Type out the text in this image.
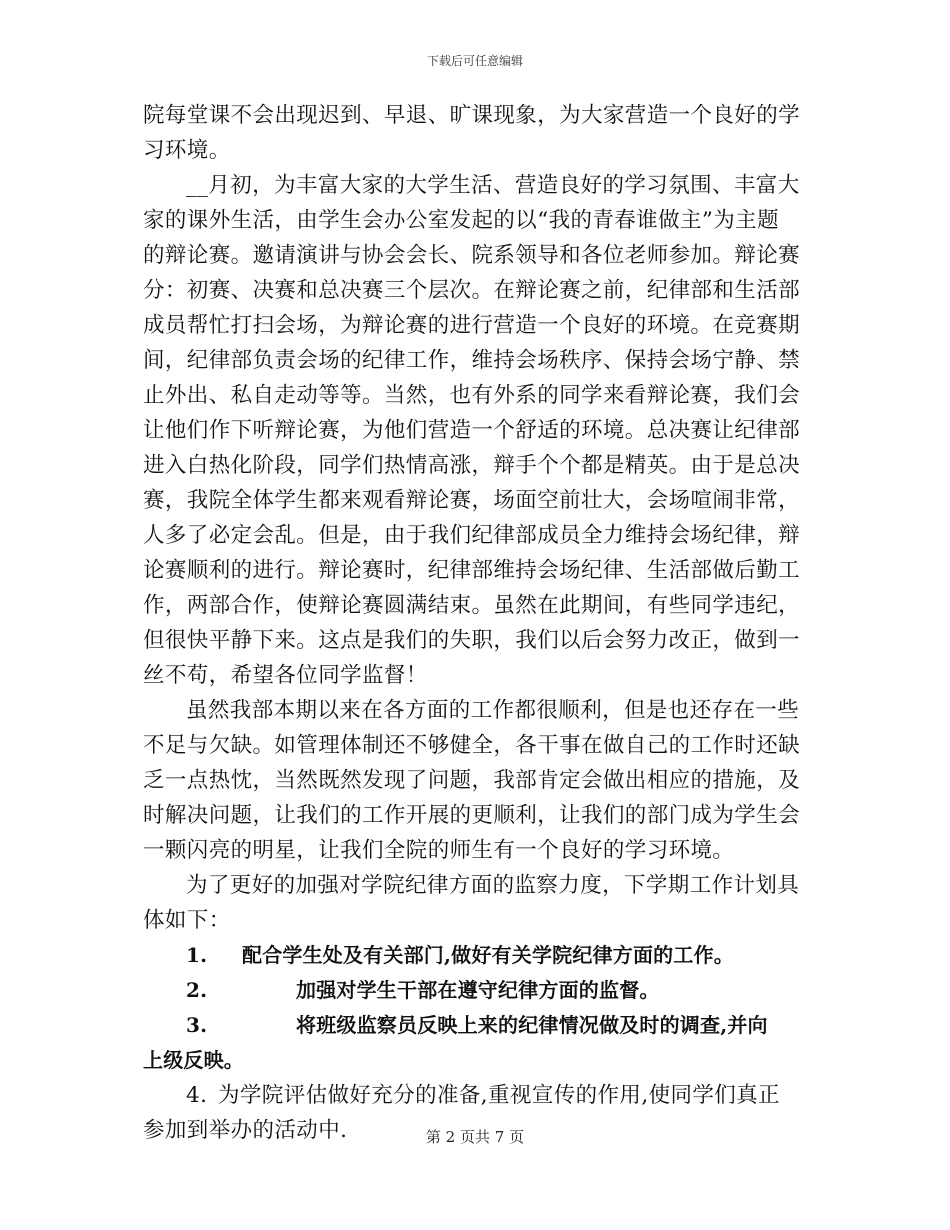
下载后可任意编辑
院每堂课不会出现迟到、早退、旷课现象，为大家营造一个良好的学
习环境。
__月初，为丰富大家的大学生活、营造良好的学习氛围、丰富大
家的课外生活，由学生会办公室发起的以“我的青春谁做主”为主题
的辩论赛。邀请演讲与协会会长、院系领导和各位老师参加。辩论赛
分：初赛、决赛和总决赛三个层次。在辩论赛之前，纪律部和生活部
成员帮忙打扫会场，为辩论赛的进行营造一个良好的环境。在竞赛期
间，纪律部负责会场的纪律工作，维持会场秩序、保持会场宁静、禁
止外出、私自走动等等。当然，也有外系的同学来看辩论赛，我们会
让他们作下听辩论赛，为他们营造一个舒适的环境。总决赛让纪律部
进入白热化阶段，同学们热情高涨，辩手个个都是精英。由于是总决
赛，我院全体学生都来观看辩论赛，场面空前壮大，会场喧闹非常，
人多了必定会乱。但是，由于我们纪律部成员全力维持会场纪律，辩
论赛顺利的进行。辩论赛时，纪律部维持会场纪律、生活部做后勤工
作，两部合作，使辩论赛圆满结束。虽然在此期间，有些同学违纪，
但很快平静下来。这点是我们的失职，我们以后会努力改正，做到一
丝不苟，希望各位同学监督！
虽然我部本期以来在各方面的工作都很顺利，但是也还存在一些
不足与欠缺。如管理体制还不够健全，各干事在做自己的工作时还缺
乏一点热忱，当然既然发现了问题，我部肯定会做出相应的措施，及
时解决问题，让我们的工作开展的更顺利，让我们的部门成为学生会
一颗闪亮的明星，让我们全院的师生有一个良好的学习环境。
为了更好的加强对学院纪律方面的监察力度，下学期工作计划具
体如下：
1. 配合学生处及有关部门,做好有关学院纪律方面的工作。
2.	加强对学生干部在遵守纪律方面的监督。
3.	将班级监察员反映上来的纪律情况做及时的调查,并向
上级反映。
4. 为学院评估做好充分的准备,重视宣传的作用,使同学们真正
参加到举办的活动中.	第 2 页共 7 页
